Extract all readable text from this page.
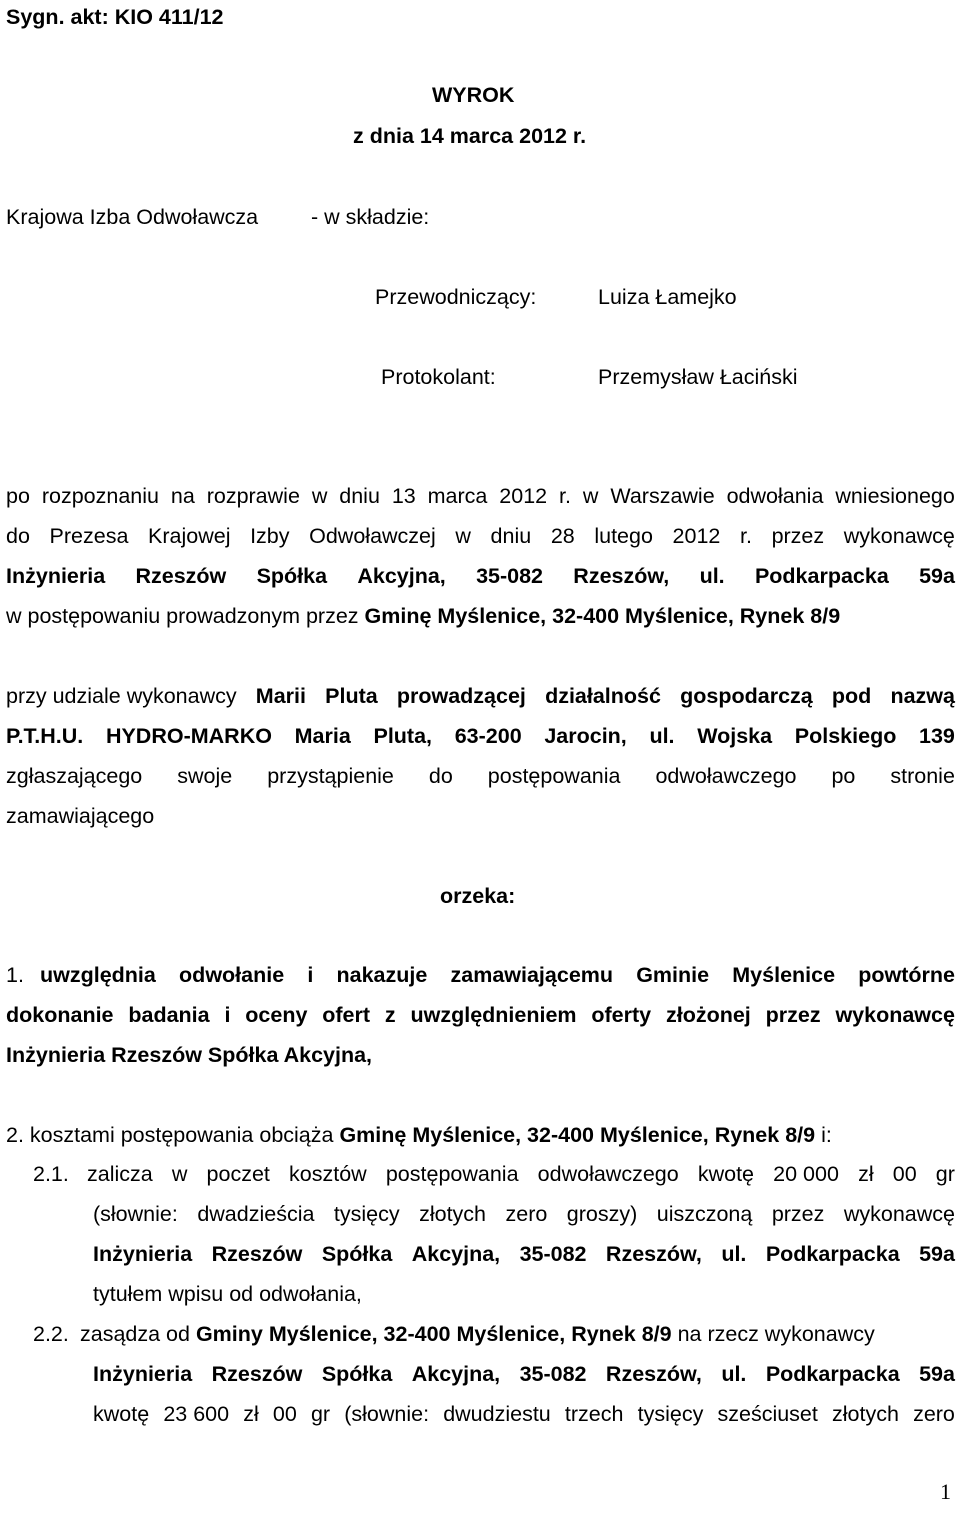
Sygn. akt: KIO 411/12
WYROK
z dnia 14 marca 2012 r.
Krajowa Izba Odwoławcza - w składzie:
Przewodniczący:	Luiza Łamejko
Protokolant:	Przemysław Łaciński
po rozpoznaniu na rozprawie w dniu 13 marca 2012 r. w Warszawie odwołania wniesionego
do Prezesa Krajowej Izby Odwoławczej w dniu 28 lutego 2012 r. przez wykonawcę
Inżynieria Rzeszów Spółka Akcyjna, 35-082 Rzeszów, ul. Podkarpacka 59a
w postępowaniu prowadzonym przez Gminę Myślenice, 32-400 Myślenice, Rynek 8/9
przy udziale wykonawcy Marii Pluta prowadzącej działalność gospodarczą pod nazwą
P.T.H.U. HYDRO-MARKO Maria Pluta, 63-200 Jarocin, ul. Wojska Polskiego 139
zgłaszającego swoje przystąpienie do postępowania odwoławczego po stronie
zamawiającego
orzeka:
1. uwzględnia odwołanie i nakazuje zamawiającemu Gminie Myślenice powtórne
dokonanie badania i oceny ofert z uwzględnieniem oferty złożonej przez wykonawcę
Inżynieria Rzeszów Spółka Akcyjna,
2. kosztami postępowania obciąża Gminę Myślenice, 32-400 Myślenice, Rynek 8/9 i:
2.1. zalicza w poczet kosztów postępowania odwoławczego kwotę 20 000 zł 00 gr
(słownie: dwadzieścia tysięcy złotych zero groszy) uiszczoną przez wykonawcę
Inżynieria Rzeszów Spółka Akcyjna, 35-082 Rzeszów, ul. Podkarpacka 59a
tytułem wpisu od odwołania,
2.2. zasądza od Gminy Myślenice, 32-400 Myślenice, Rynek 8/9 na rzecz wykonawcy
Inżynieria Rzeszów Spółka Akcyjna, 35-082 Rzeszów, ul. Podkarpacka 59a
kwotę 23 600 zł 00 gr (słownie: dwudziestu trzech tysięcy sześciuset złotych zero
1
